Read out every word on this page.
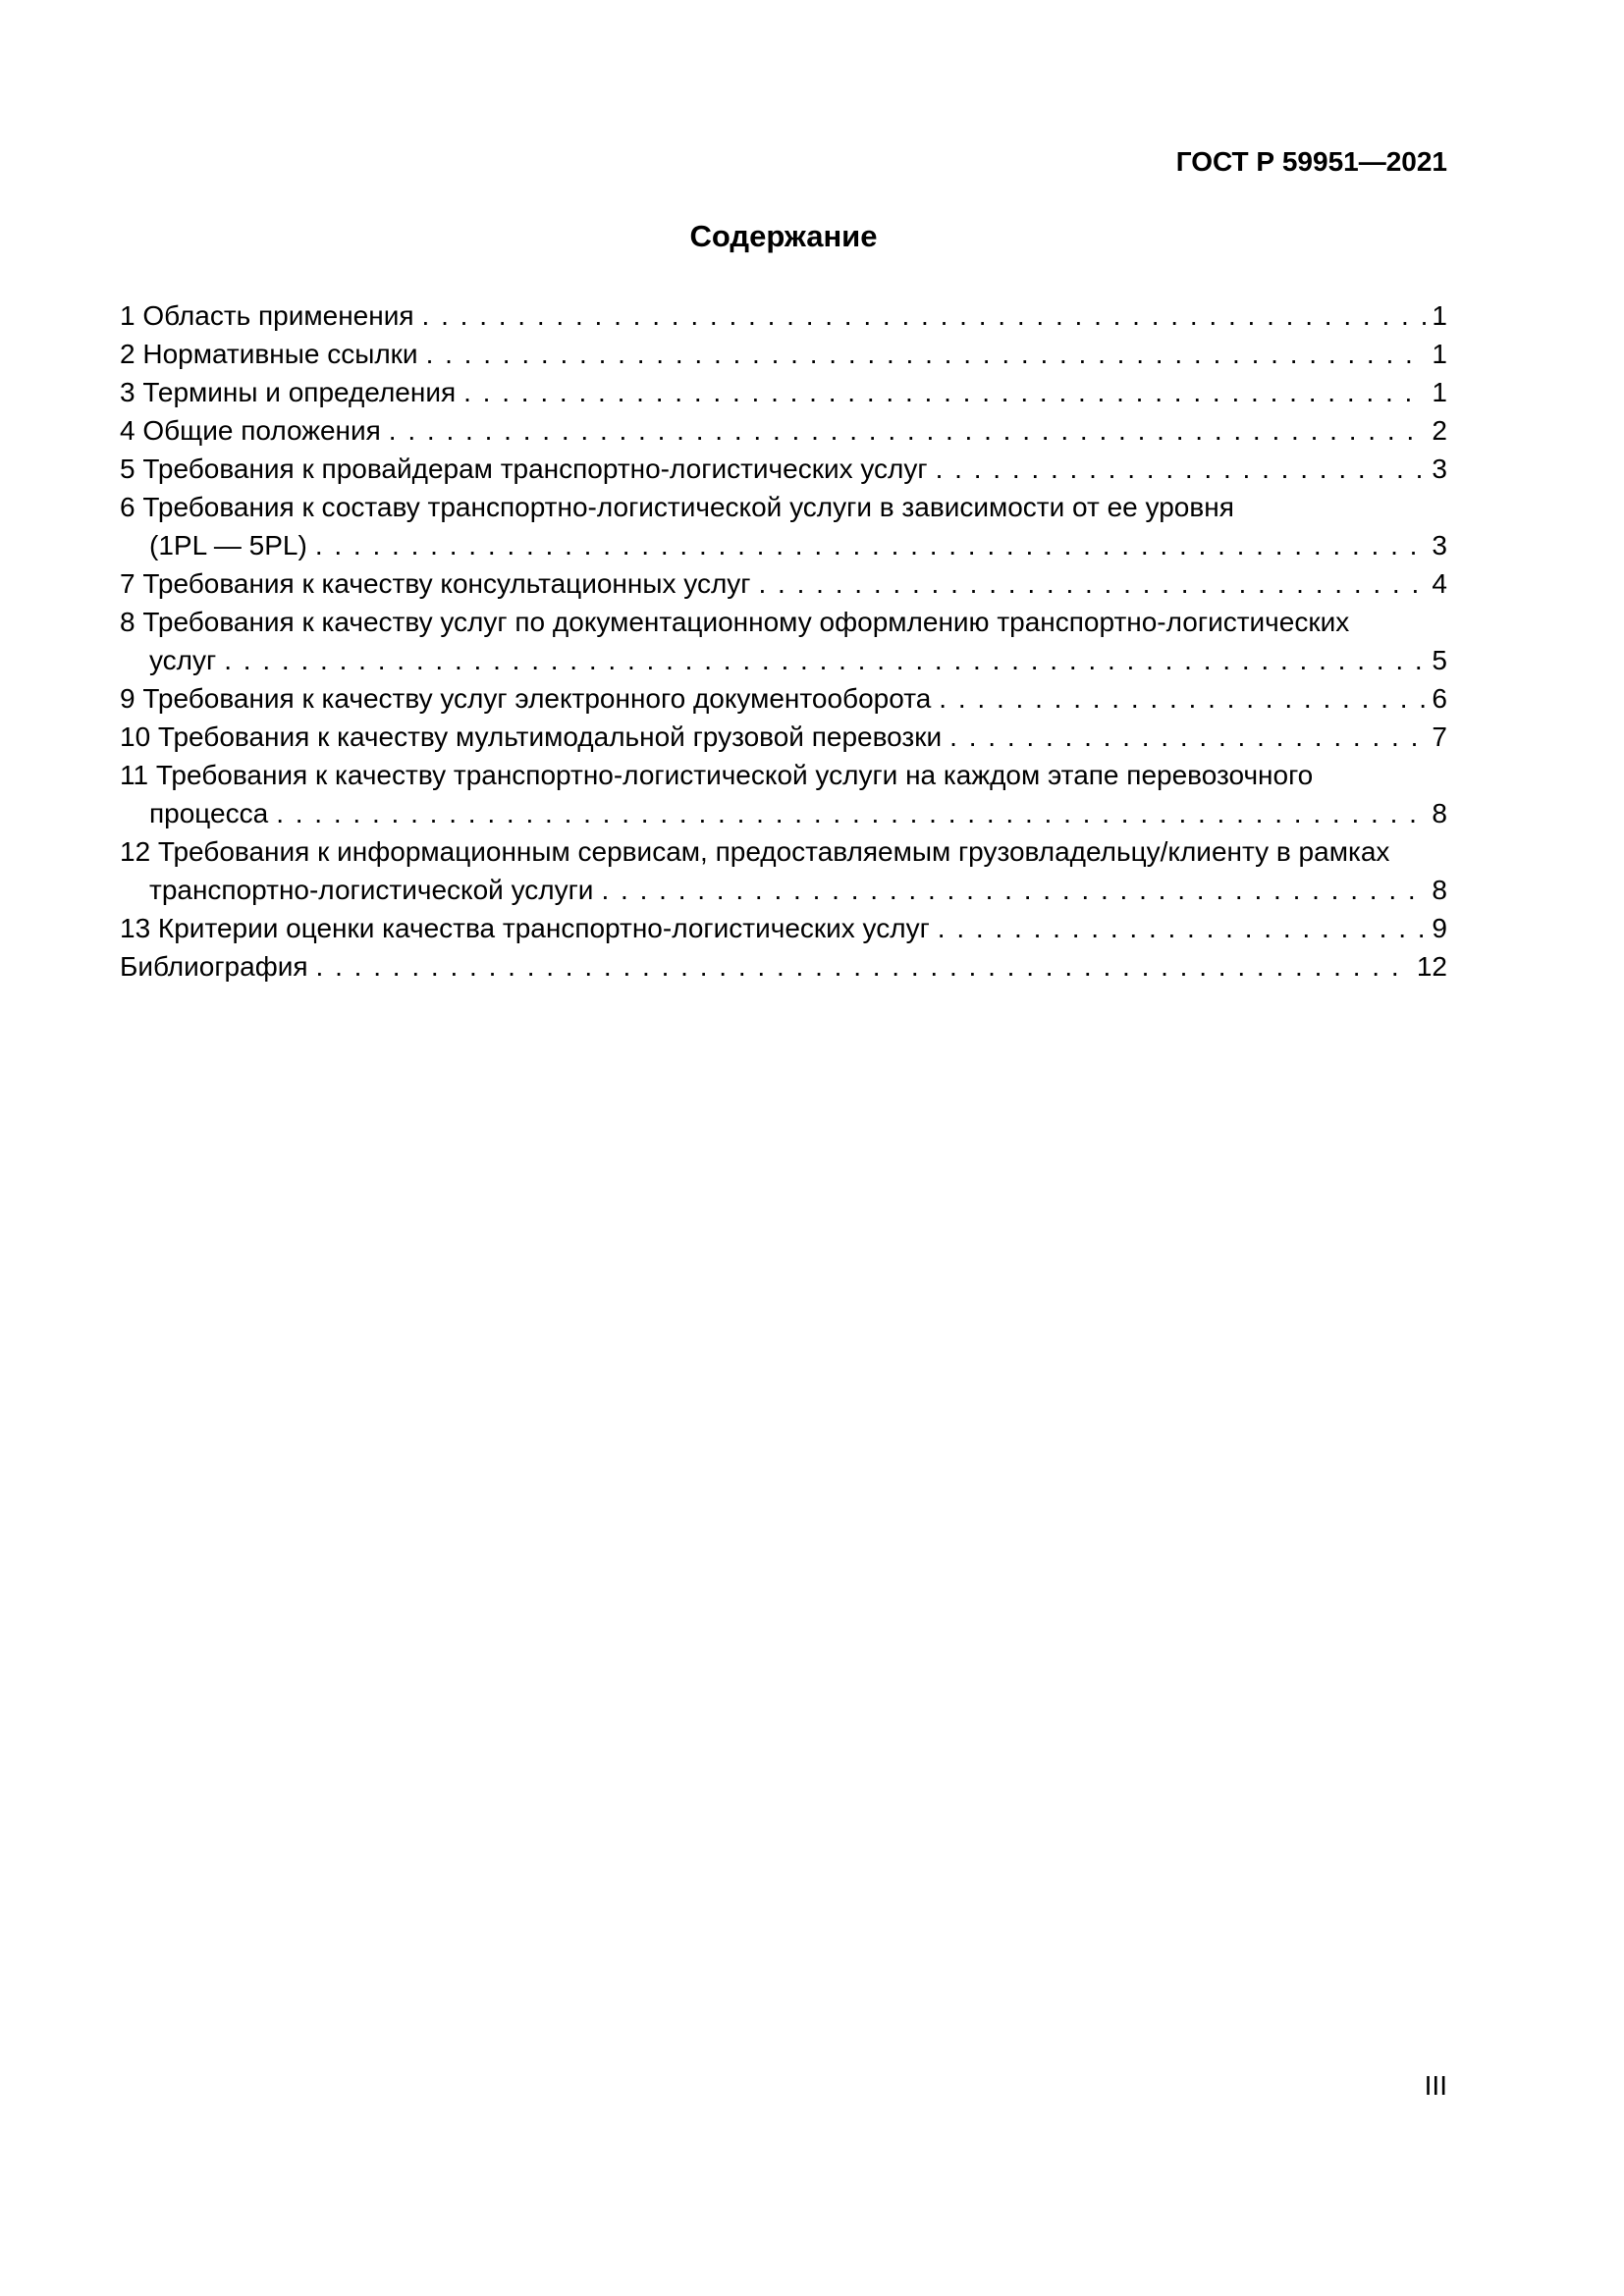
ГОСТ Р 59951—2021
Содержание
1 Область применения . . .	1
2 Нормативные ссылки . . .	1
3 Термины и определения . . .	1
4 Общие положения . . .	2
5 Требования к провайдерам транспортно-логистических услуг . . .	3
6 Требования к составу транспортно-логистической услуги в зависимости от ее уровня
(1PL — 5PL) . . .	3
7 Требования к качеству консультационных услуг . . .	4
8 Требования к качеству услуг по документационному оформлению транспортно-логистических
услуг . . .	5
9 Требования к качеству услуг электронного документооборота . . .	6
10 Требования к качеству мультимодальной грузовой перевозки . . .	7
11 Требования к качеству транспортно-логистической услуги на каждом этапе перевозочного
процесса . . .	8
12 Требования к информационным сервисам, предоставляемым грузовладельцу/клиенту в рамках
транспортно-логистической услуги . . .	8
13 Критерии оценки качества транспортно-логистических услуг . . .	9
Библиография . . .	12
III
